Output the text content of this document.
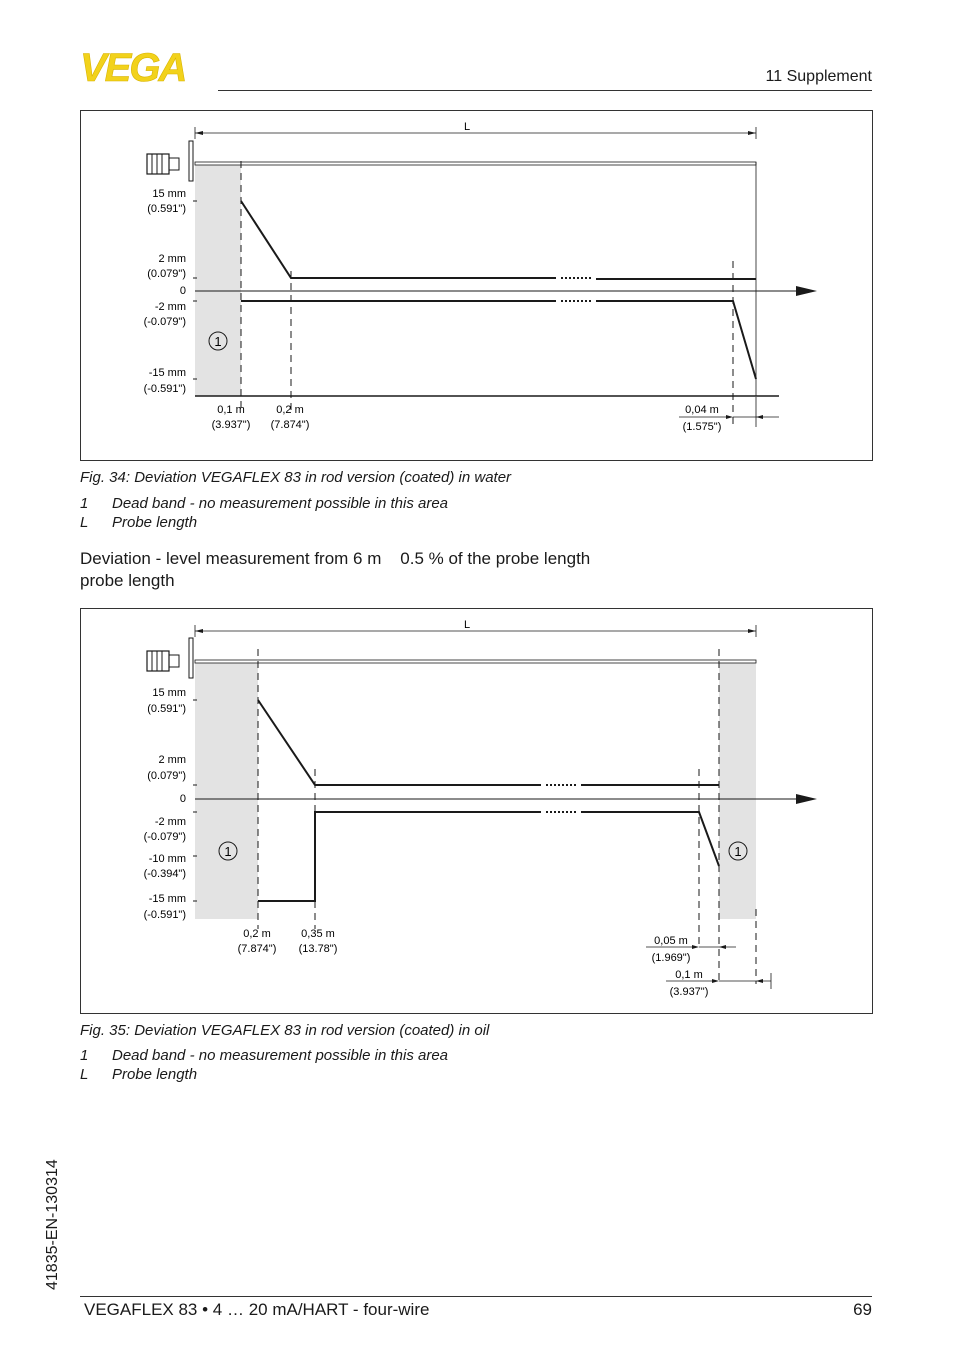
VEGA	11 Supplement
L
1
15 mm
(0.591")
2 mm
(0.079")
0
-2 mm
(-0.079")
-15 mm
(-0.591")
0,1 m
(3.937")
0,2 m
(7.874")
0,04 m
(1.575")
Fig. 34: Deviation VEGAFLEX 83 in rod version (coated) in water
1 Dead band - no measurement possible in this area
L Probe length
Deviation - level measurement from 6 m    0.5 % of the probe length
probe length
L
1	1
15 mm
(0.591")
2 mm
(0.079")
0
-2 mm
(-0.079")
-10 mm
(-0.394")
-15 mm
(-0.591")
0,2 m
(7.874")
0,35 m
(13.78")
0,05 m
(1.969")
0,1 m
(3.937")
Fig. 35: Deviation VEGAFLEX 83 in rod version (coated) in oil
1 Dead band - no measurement possible in this area
L Probe length
41835-EN-130314
VEGAFLEX 83 • 4 … 20 mA/HART - four-wire	69
